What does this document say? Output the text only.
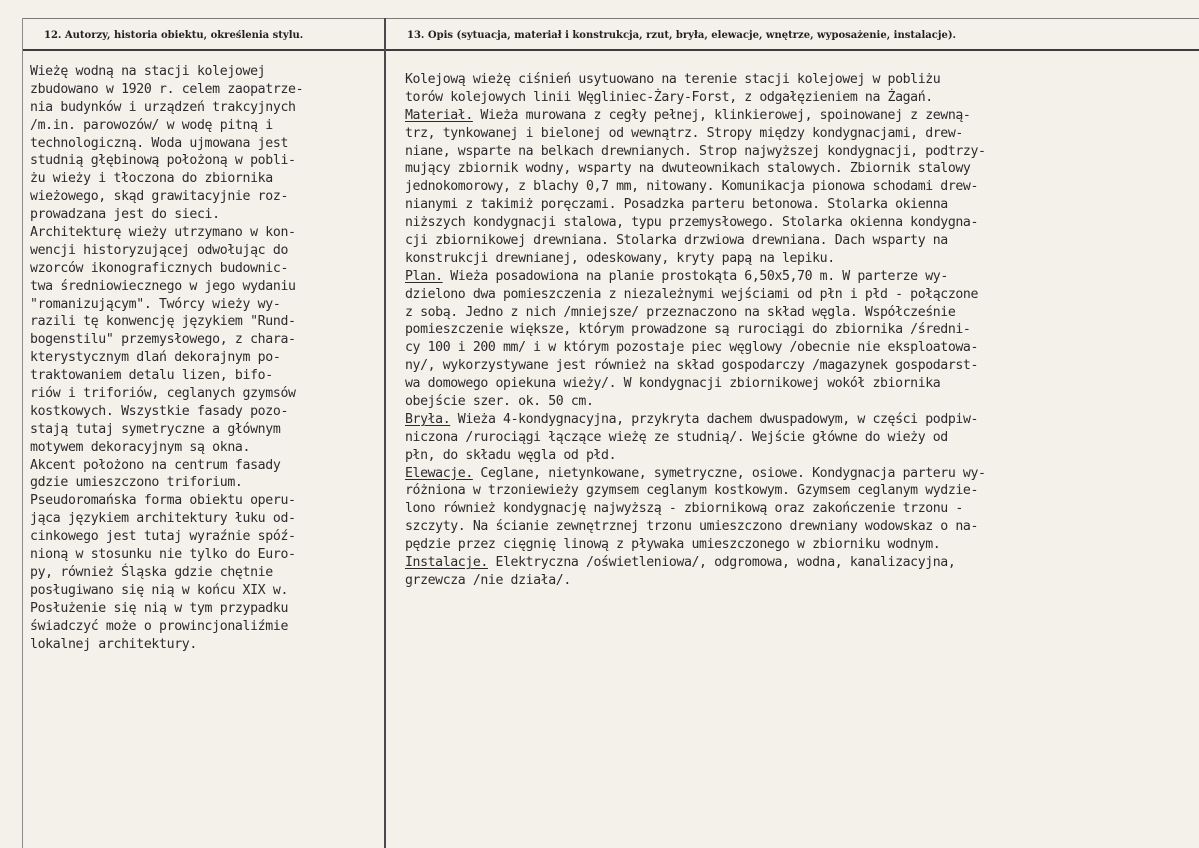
12. Autorzy, historia obiektu, określenia stylu.	13. Opis (sytuacja, materiał i konstrukcja, rzut, bryła, elewacje, wnętrze, wyposażenie, instalacje).
Wieżę wodną na stacji kolejowej
zbudowano w 1920 r. celem zaopatrze-
nia budynków i urządzeń trakcyjnych
/m.in. parowozów/ w wodę pitną i
technologiczną. Woda ujmowana jest
studnią głębinową położoną w pobli-
żu wieży i tłoczona do zbiornika
wieżowego, skąd grawitacyjnie roz-
prowadzana jest do sieci.
Architekturę wieży utrzymano w kon-
wencji historyzującej odwołując do
wzorców ikonograficznych budownic-
twa średniowiecznego w jego wydaniu
"romanizującym". Twórcy wieży wy-
razili tę konwencję językiem "Rund-
bogenstilu" przemysłowego, z chara-
kterystycznym dlań dekorajnym po-
traktowaniem detalu lizen, bifo-
riów i triforiów, ceglanych gzymsów
kostkowych. Wszystkie fasady pozo-
stają tutaj symetryczne a głównym
motywem dekoracyjnym są okna.
Akcent położono na centrum fasady
gdzie umieszczono triforium.
Pseudoromańska forma obiektu operu-
jąca językiem architektury łuku od-
cinkowego jest tutaj wyraźnie spóź-
nioną w stosunku nie tylko do Euro-
py, również Śląska gdzie chętnie
posługiwano się nią w końcu XIX w.
Posłużenie się nią w tym przypadku
świadczyć może o prowincjonaliźmie
lokalnej architektury.
Kolejową wieżę ciśnień usytuowano na terenie stacji kolejowej w pobliżu
torów kolejowych linii Węgliniec-Żary-Forst, z odgałęzieniem na Żagań.
Materiał. Wieża murowana z cegły pełnej, klinkierowej, spoinowanej z zewną-
trz, tynkowanej i bielonej od wewnątrz. Stropy między kondygnacjami, drew-
niane, wsparte na belkach drewnianych. Strop najwyższej kondygnacji, podtrzy-
mujący zbiornik wodny, wsparty na dwuteownikach stalowych. Zbiornik stalowy
jednokomorowy, z blachy 0,7 mm, nitowany. Komunikacja pionowa schodami drew-
nianymi z takimiż poręczami. Posadzka parteru betonowa. Stolarka okienna
niższych kondygnacji stalowa, typu przemysłowego. Stolarka okienna kondygna-
cji zbiornikowej drewniana. Stolarka drzwiowa drewniana. Dach wsparty na
konstrukcji drewnianej, odeskowany, kryty papą na lepiku.
Plan. Wieża posadowiona na planie prostokąta 6,50x5,70 m. W parterze wy-
dzielono dwa pomieszczenia z niezależnymi wejściami od płn i płd - połączone
z sobą. Jedno z nich /mniejsze/ przeznaczono na skład węgla. Współcześnie
pomieszczenie większe, którym prowadzone są rurociągi do zbiornika /średni-
cy 100 i 200 mm/ i w którym pozostaje piec węglowy /obecnie nie eksploatowa-
ny/, wykorzystywane jest również na skład gospodarczy /magazynek gospodarst-
wa domowego opiekuna wieży/. W kondygnacji zbiornikowej wokół zbiornika
obejście szer. ok. 50 cm.
Bryła. Wieża 4-kondygnacyjna, przykryta dachem dwuspadowym, w części podpiw-
niczona /rurociągi łączące wieżę ze studnią/. Wejście główne do wieży od
płn, do składu węgla od płd.
Elewacje. Ceglane, nietynkowane, symetryczne, osiowe. Kondygnacja parteru wy-
różniona w trzoniewieży gzymsem ceglanym kostkowym. Gzymsem ceglanym wydzie-
lono również kondygnację najwyższą - zbiornikową oraz zakończenie trzonu -
szczyty. Na ścianie zewnętrznej trzonu umieszczono drewniany wodowskaz o na-
pędzie przez cięgnię linową z pływaka umieszczonego w zbiorniku wodnym.
Instalacje. Elektryczna /oświetleniowa/, odgromowa, wodna, kanalizacyjna,
grzewcza /nie działa/.
